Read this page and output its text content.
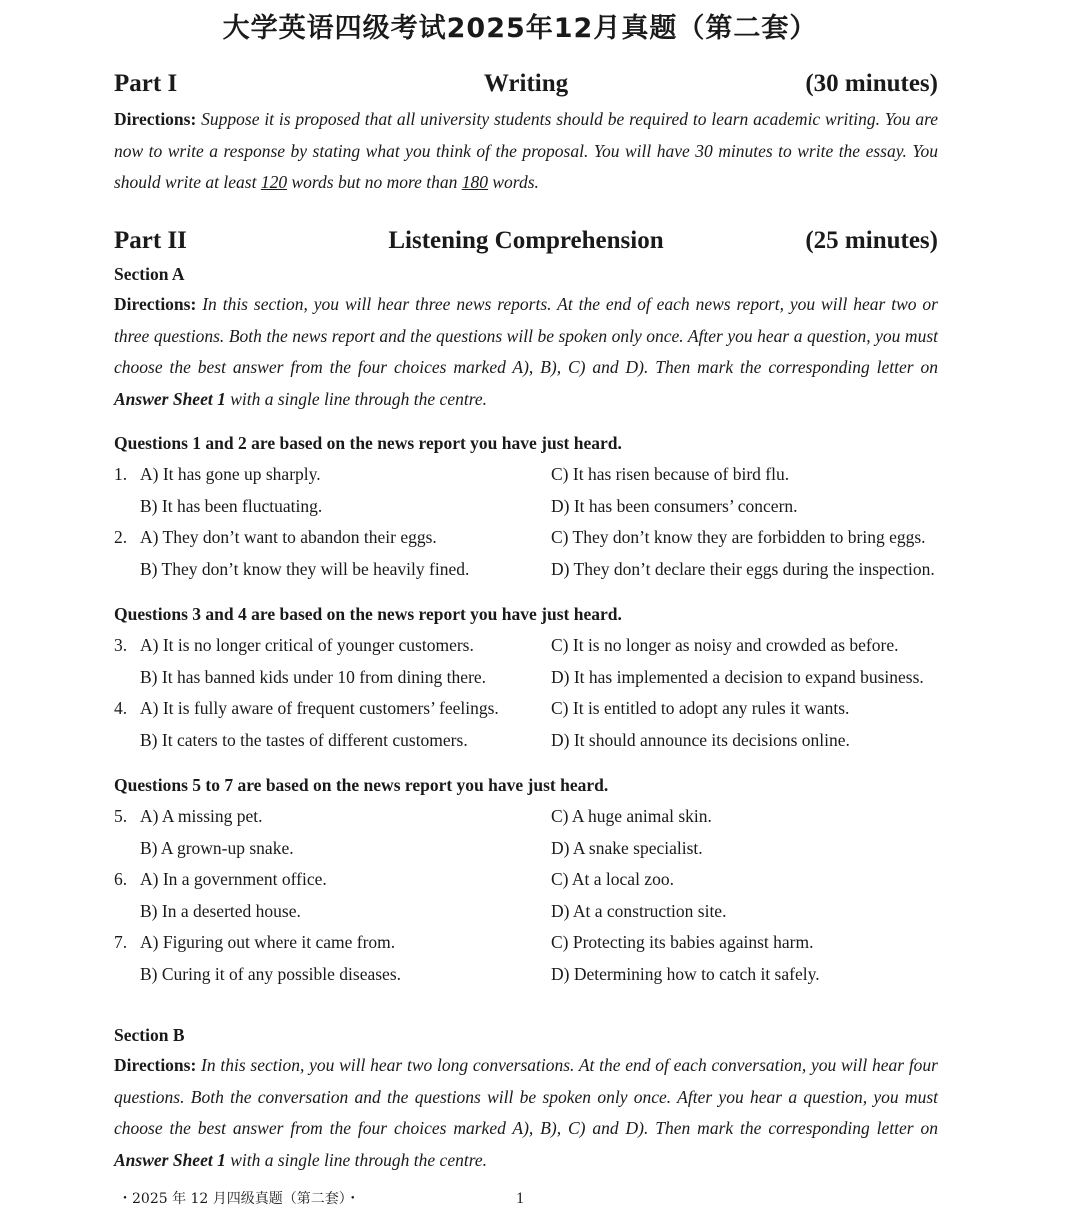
大学英语四级考试2025年12月真题（第二套）
Part I	Writing	(30 minutes)
Directions: Suppose it is proposed that all university students should be required to learn academic writing. You are now to write a response by stating what you think of the proposal. You will have 30 minutes to write the essay. You should write at least 120 words but no more than 180 words.
Part II	Listening Comprehension	(25 minutes)
Section A
Directions: In this section, you will hear three news reports. At the end of each news report, you will hear two or three questions. Both the news report and the questions will be spoken only once. After you hear a question, you must choose the best answer from the four choices marked A), B), C) and D). Then mark the corresponding letter on Answer Sheet 1 with a single line through the centre.
Questions 1 and 2 are based on the news report you have just heard.
1. A) It has gone up sharply.	C) It has risen because of bird flu.
B) It has been fluctuating.	D) It has been consumers’ concern.
2. A) They don’t want to abandon their eggs.	C) They don’t know they are forbidden to bring eggs.
B) They don’t know they will be heavily fined.	D) They don’t declare their eggs during the inspection.
Questions 3 and 4 are based on the news report you have just heard.
3. A) It is no longer critical of younger customers.	C) It is no longer as noisy and crowded as before.
B) It has banned kids under 10 from dining there.	D) It has implemented a decision to expand business.
4. A) It is fully aware of frequent customers’ feelings.	C) It is entitled to adopt any rules it wants.
B) It caters to the tastes of different customers.	D) It should announce its decisions online.
Questions 5 to 7 are based on the news report you have just heard.
5. A) A missing pet.	C) A huge animal skin.
B) A grown-up snake.	D) A snake specialist.
6. A) In a government office.	C) At a local zoo.
B) In a deserted house.	D) At a construction site.
7. A) Figuring out where it came from.	C) Protecting its babies against harm.
B) Curing it of any possible diseases.	D) Determining how to catch it safely.
Section B
Directions: In this section, you will hear two long conversations. At the end of each conversation, you will hear four questions. Both the conversation and the questions will be spoken only once. After you hear a question, you must choose the best answer from the four choices marked A), B), C) and D). Then mark the corresponding letter on Answer Sheet 1 with a single line through the centre.
・2025 年 12 月四级真题（第二套）・	1
